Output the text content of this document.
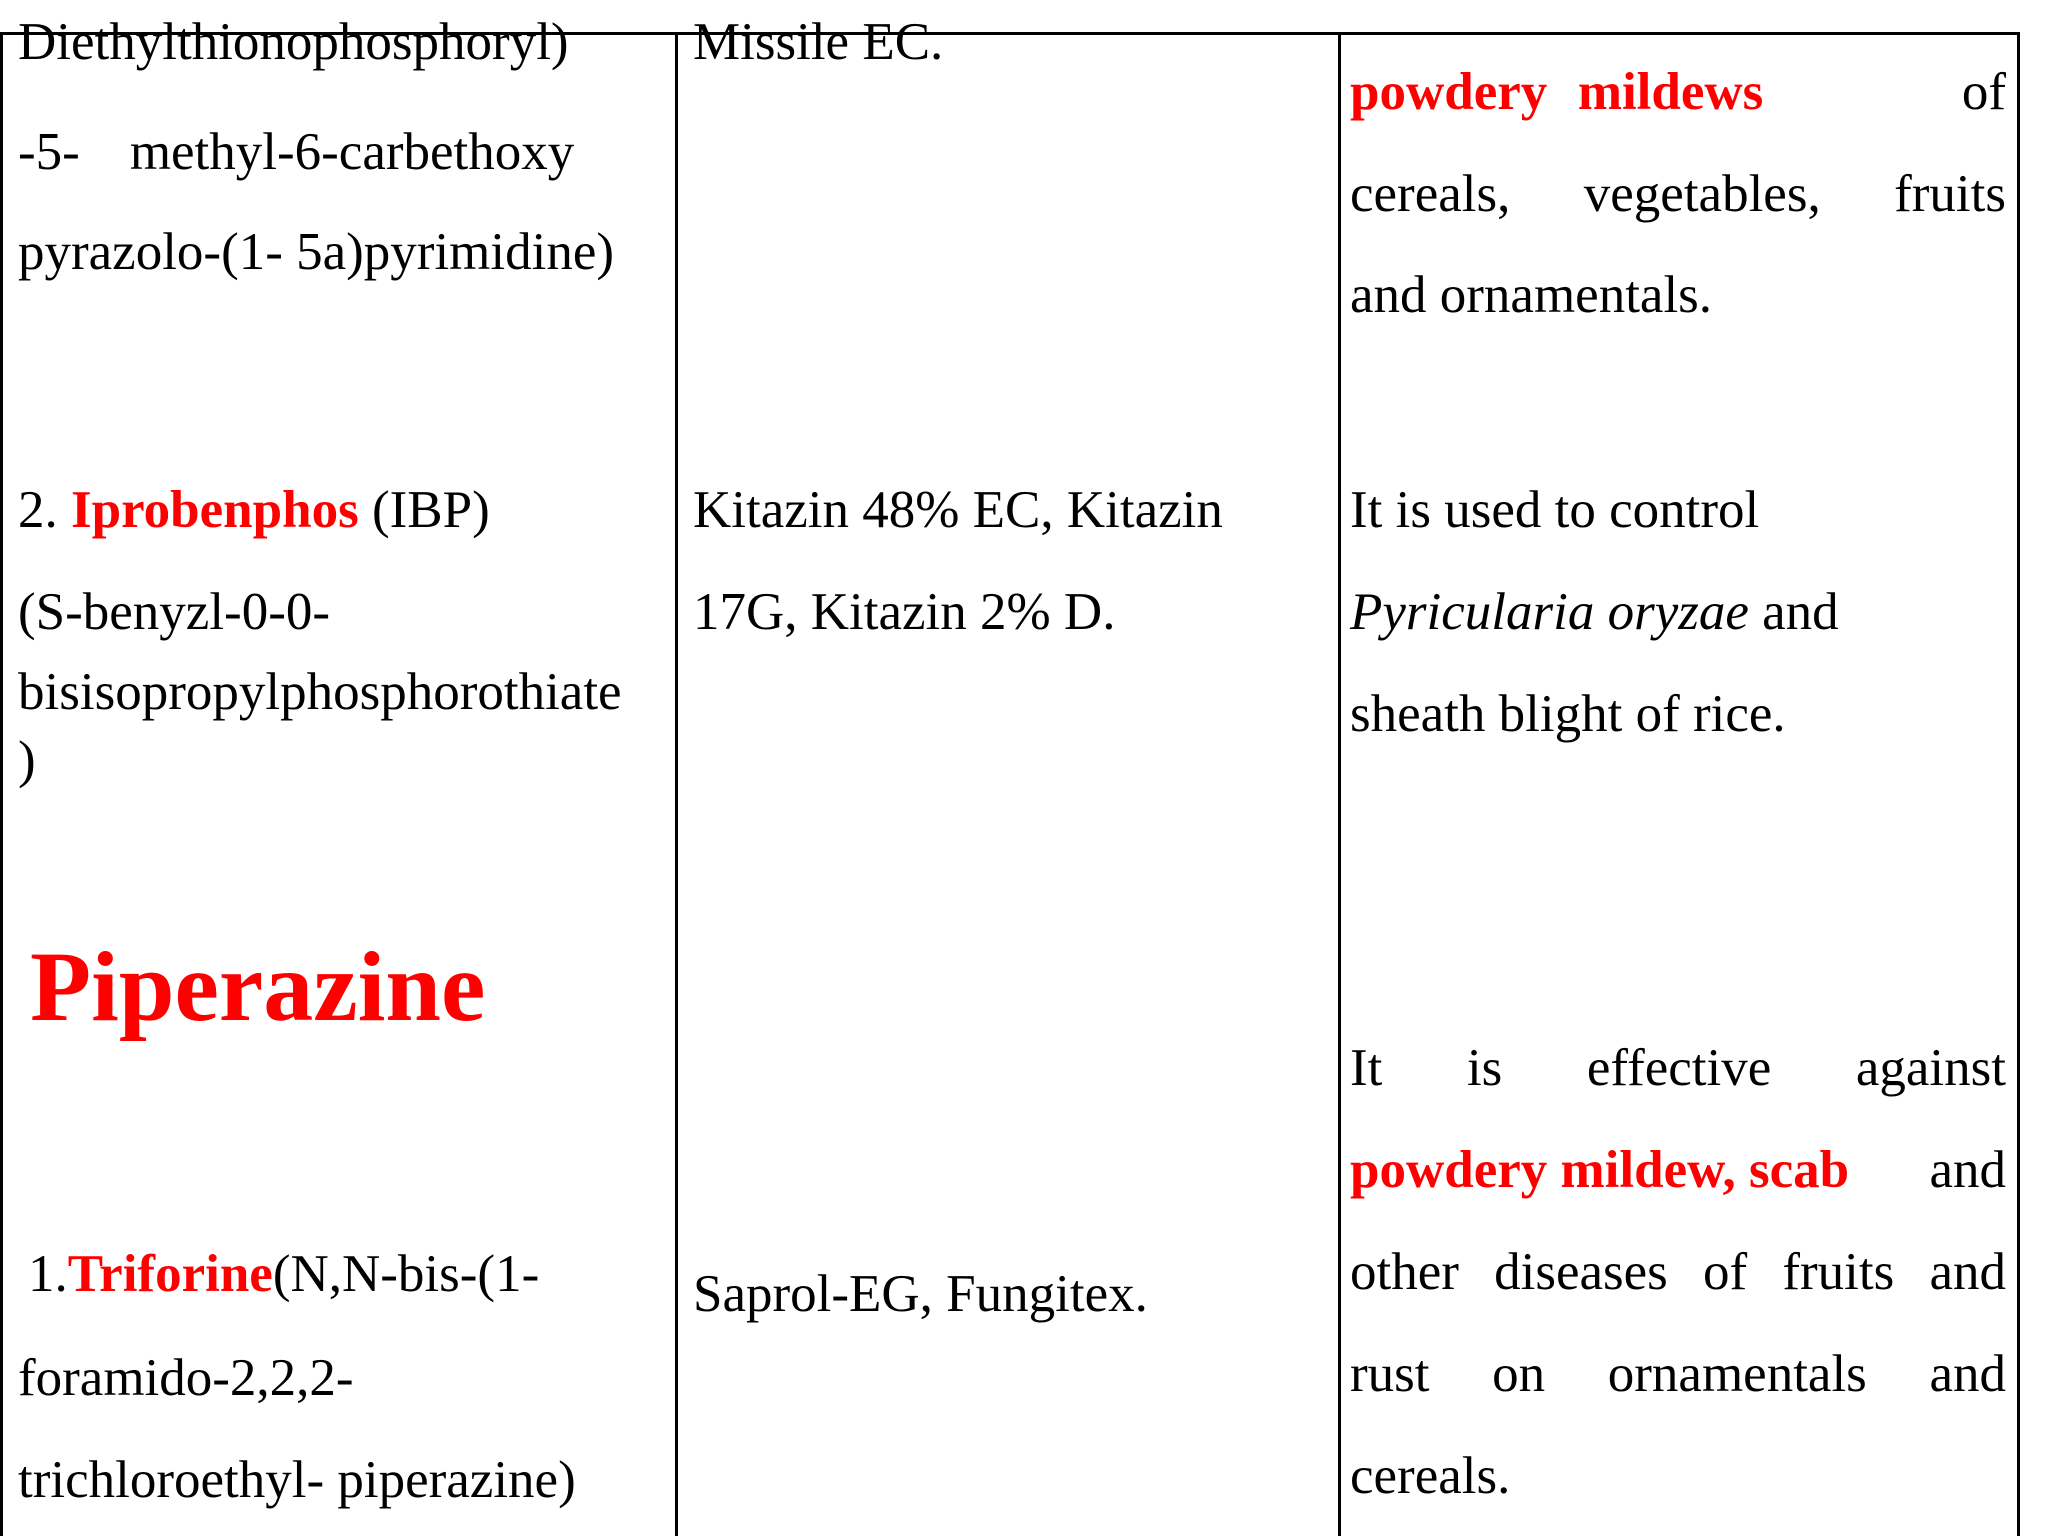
Diethylthionophosphoryl)
-5- methyl-6-carbethoxy
pyrazolo-(1- 5a)pyrimidine)
Missile EC.
powdery mildews	of
cereals, vegetables, fruits
and ornamentals.
2. Iprobenphos (IBP)
(S-benyzl-0-0-
bisisopropylphosphorothiate
)
Kitazin 48% EC, Kitazin
17G, Kitazin 2% D.
It is used to control
Pyricularia oryzae and
sheath blight of rice.
Piperazine
1.Triforine(N,N-bis-(1-
foramido-2,2,2-
trichloroethyl- piperazine)
Saprol-EG, Fungitex.
It is effective against
powdery mildew, scab and
other diseases of fruits and
rust on ornamentals and
cereals.
